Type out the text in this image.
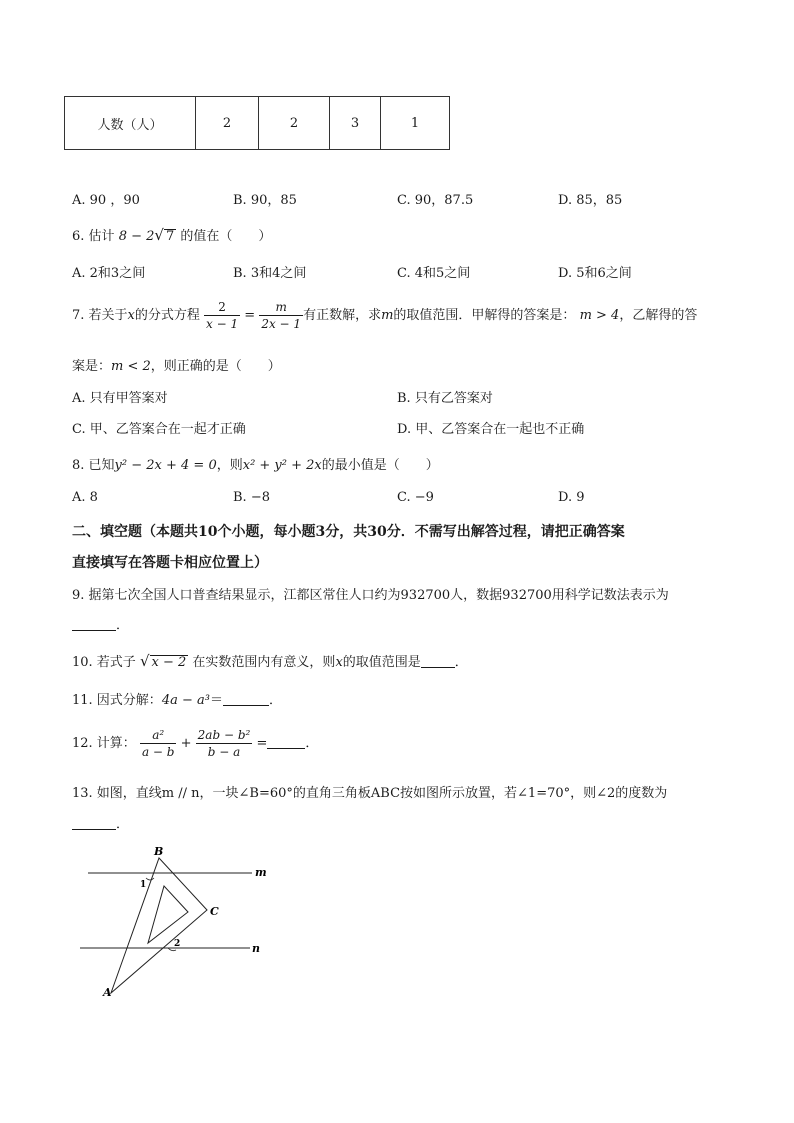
人数（人）	2	2	3	1
A. 90 ，90	B. 90，85	C. 90，87.5	D. 85，85
6. 估计 8 − 2√ 7 的值在（　　）
A. 2和3之间	B. 3和4之间	C. 4和5之间	D. 5和6之间
7. 若关于x的分式方程 $\frac{2}{x - 1} = \frac{m}{2x - 1}$ 有正数解，求m的取值范围．甲解得的答案是： m > 4，乙解得的答
案是：m < 2，则正确的是（　　）
A. 只有甲答案对	B. 只有乙答案对
C. 甲、乙答案合在一起才正确	D. 甲、乙答案合在一起也不正确
8. 已知y² − 2x + 4 = 0，则x² + y² + 2x的最小值是（　　）
A. 8	B. −8	C. −9	D. 9
二、填空题（本题共10个小题，每小题3分，共30分．不需写出解答过程，请把正确答案
直接填写在答题卡相应位置上）
9. 据第七次全国人口普查结果显示，江都区常住人口约为932700人，数据932700用科学记数法表示为
．
10. 若式子 √ x − 2 在实数范围内有意义，则x的取值范围是	．
11. 因式分解：4a − a³＝	．
12. 计算： $\frac{\text{a²}}{a - b} + \frac{\text{2ab − b²}}{b - a}$ =	．
13. 如图，直线m // n，一块∠B=60°的直角三角板ABC按如图所示放置，若∠1=70°，则∠2的度数为
．
B
C
A
m
n
1
2
